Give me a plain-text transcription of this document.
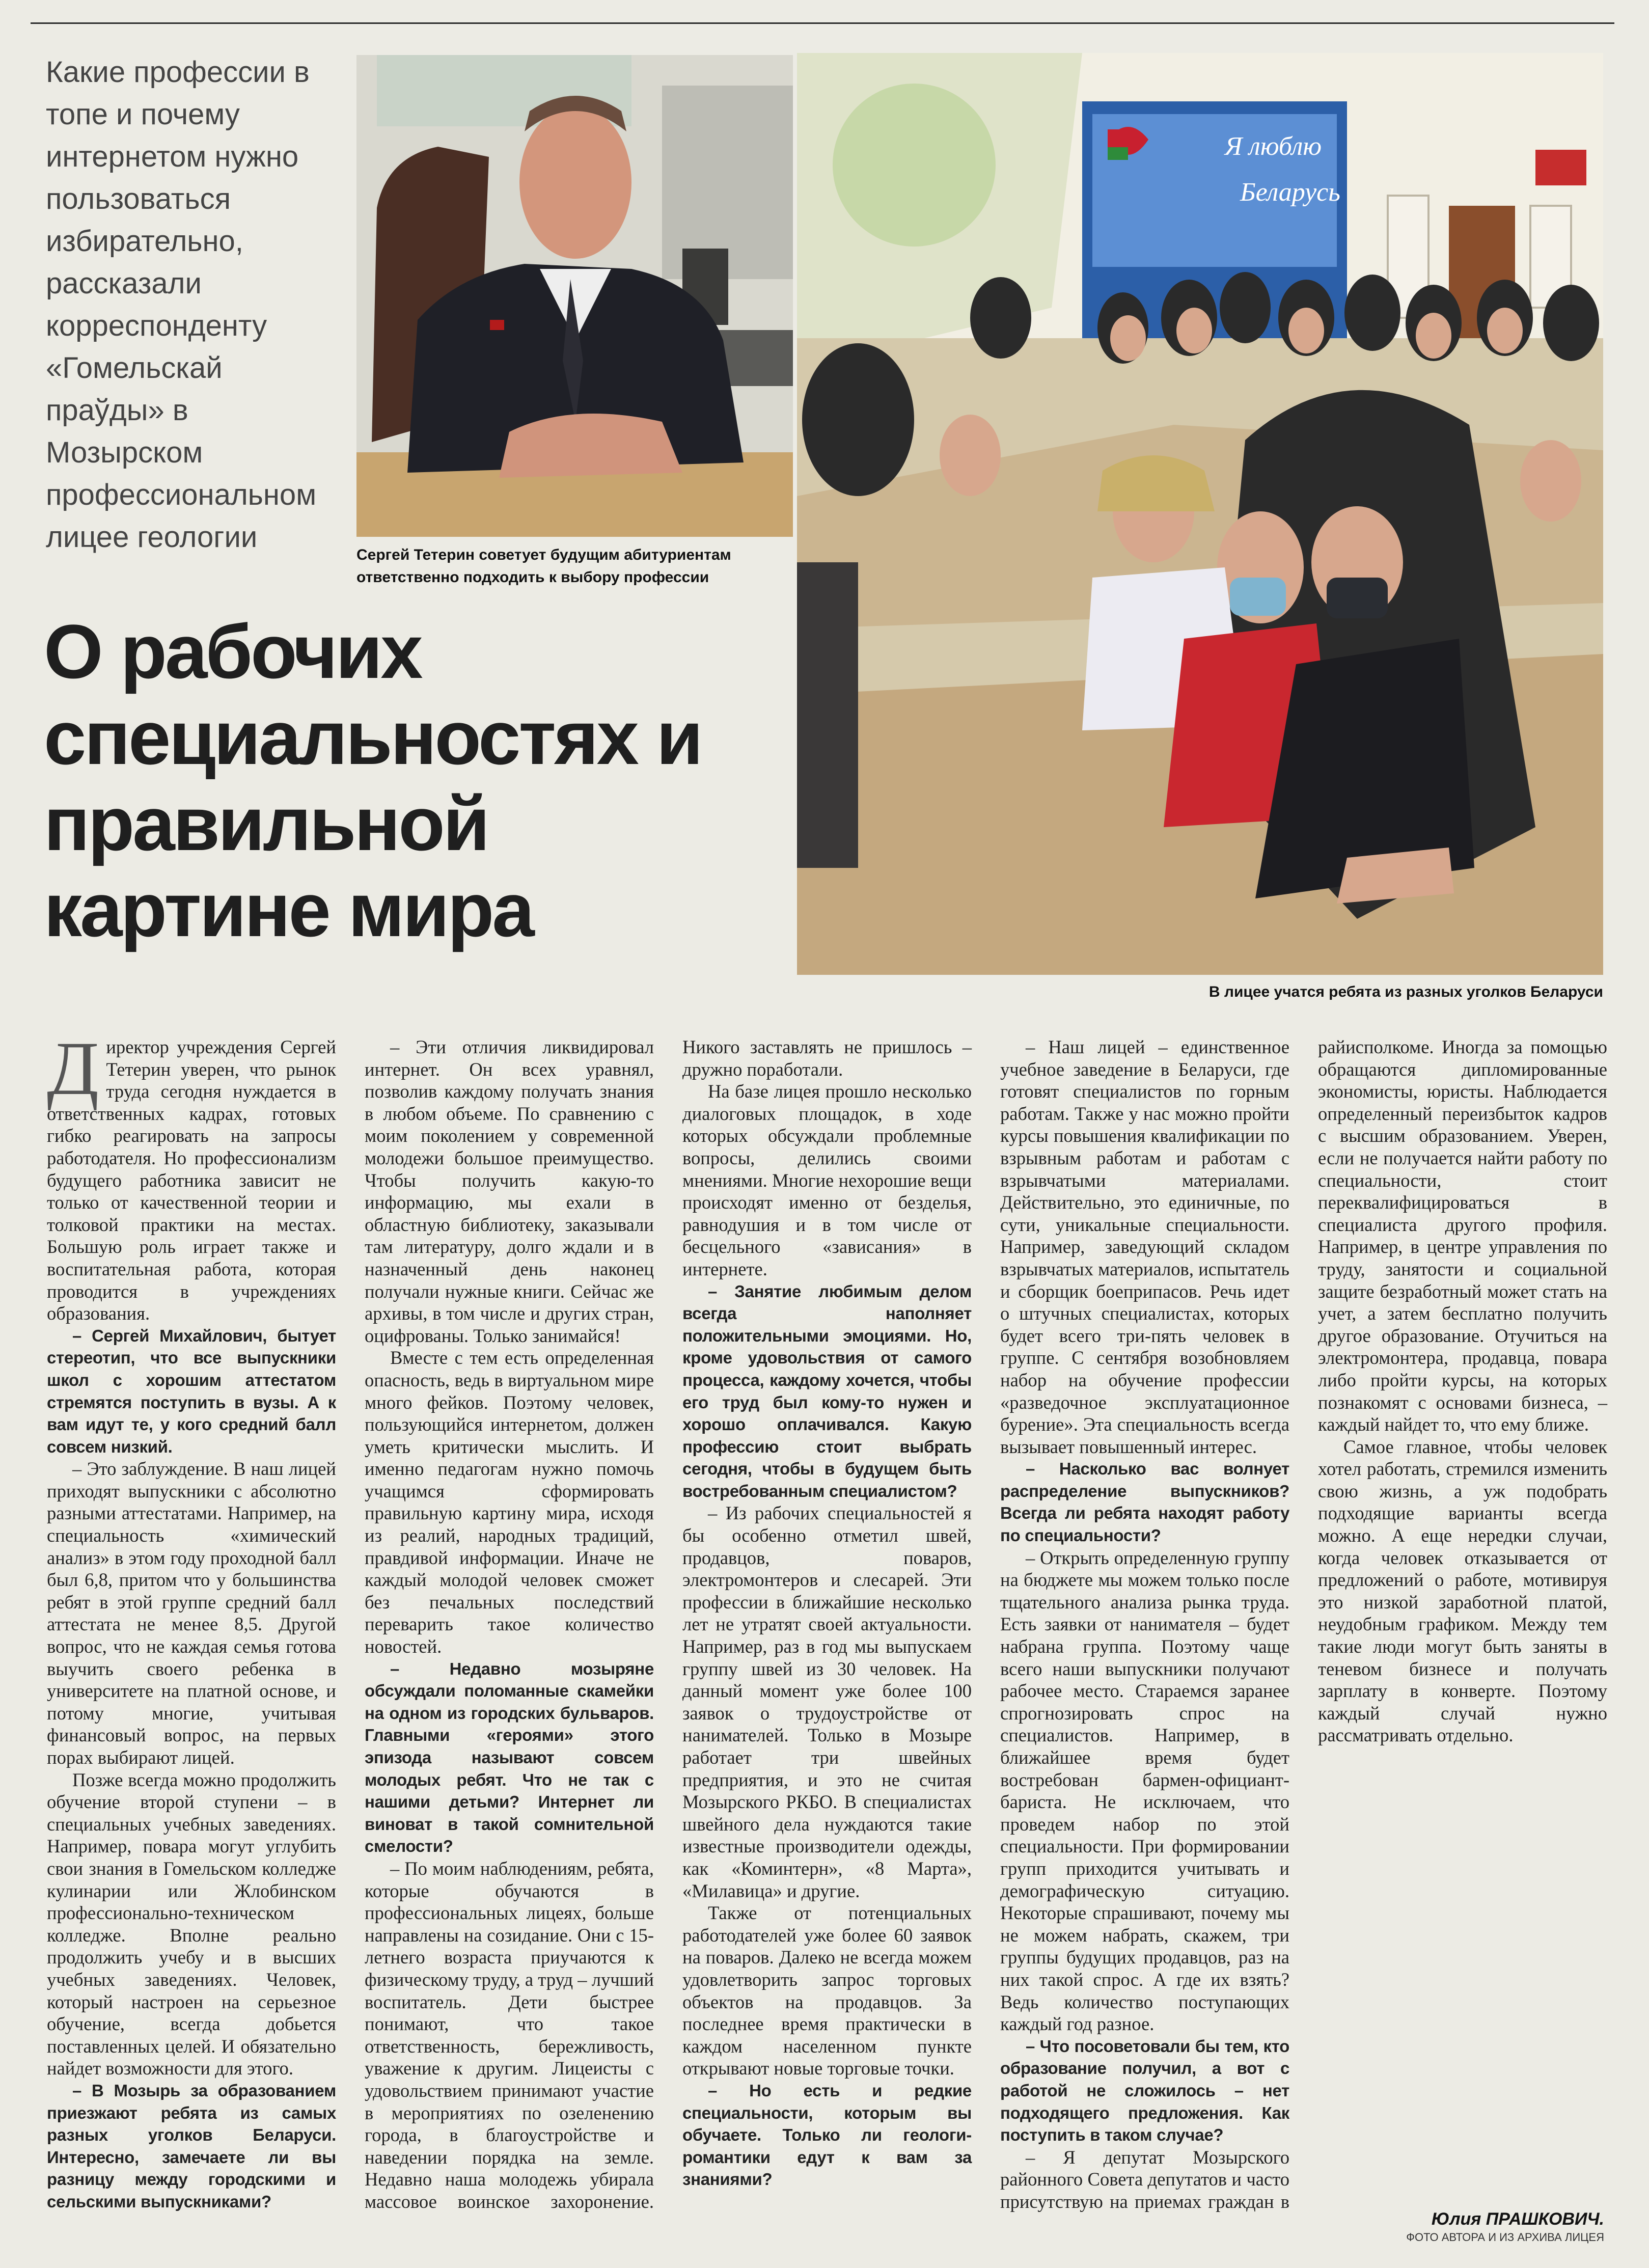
Какие профессии в топе и почему интернетом нужно пользоваться избирательно, рассказали корреспонденту «Гомельскай праўды» в Мозырском профессиональном лицее геологии
Сергей Тетерин советует будущим абитуриентам ответственно подходить к выбору профессии
Я люблю
Беларусь
В лицее учатся ребята из разных уголков Беларуси
О рабочих специальностях и правильной картине мира

Директор учреждения Сергей Тетерин уверен, что рынок труда сегодня нуждается в ответственных кадрах, готовых гибко реагировать на запросы работодателя. Но профессионализм будущего работника зависит не только от качественной теории и толковой практики на местах. Большую роль играет также и воспитательная работа, которая проводится в учреждениях образования.

– Сергей Михайлович, бытует стереотип, что все выпускники школ с хорошим аттестатом стремятся поступить в вузы. А к вам идут те, у кого средний балл совсем низкий.

– Это заблуждение. В наш лицей приходят выпускники с абсолютно разными аттестатами. Например, на специальность «химический анализ» в этом году проходной балл был 6,8, притом что у большинства ребят в этой группе средний балл аттестата не менее 8,5. Другой вопрос, что не каждая семья готова выучить своего ребенка в университете на платной основе, и потому многие, учитывая финансовый вопрос, на первых порах выбирают лицей.

Позже всегда можно продолжить обучение второй ступени – в специальных учебных заведениях. Например, повара могут углубить свои знания в Гомельском колледже кулинарии или Жлобинском профессионально-техническом колледже. Вполне реально продолжить учебу и в высших учебных заведениях. Человек, который настроен на серьезное обучение, всегда добьется поставленных целей. И обязательно найдет возможности для этого.

– В Мозырь за образованием приезжают ребята из самых разных уголков Беларуси. Интересно, замечаете ли вы разницу между городскими и сельскими выпускниками?

– Эти отличия ликвидировал интернет. Он всех уравнял, позволив каждому получать знания в любом объеме. По сравнению с моим поколением у современной молодежи большое преимущество. Чтобы получить какую-то информацию, мы ехали в областную библиотеку, заказывали там литературу, долго ждали и в назначенный день наконец получали нужные книги. Сейчас же архивы, в том числе и других стран, оцифрованы. Только занимайся!

Вместе с тем есть определенная опасность, ведь в виртуальном мире много фейков. Поэтому человек, пользующийся интернетом, должен уметь критически мыслить. И именно педагогам нужно помочь учащимся сформировать правильную картину мира, исходя из реалий, народных традиций, правдивой информации. Иначе не каждый молодой человек сможет без печальных последствий переварить такое количество новостей.

– Недавно мозыряне обсуждали поломанные скамейки на одном из городских бульваров. Главными «героями» этого эпизода называют совсем молодых ребят. Что не так с нашими детьми? Интернет ли виноват в такой сомнительной смелости?

– По моим наблюдениям, ребята, которые обучаются в профессиональных лицеях, больше направлены на созидание. Они с 15-летнего возраста приучаются к физическому труду, а труд – лучший воспитатель. Дети быстрее понимают, что такое ответственность, бережливость, уважение к другим. Лицеисты с удовольствием принимают участие в мероприятиях по озеленению города, в благоустройстве и наведении порядка на земле. Недавно наша молодежь убирала массовое воинское захоронение. Никого заставлять не пришлось – дружно поработали.

На базе лицея прошло несколько диалоговых площадок, в ходе которых обсуждали проблемные вопросы, делились своими мнениями. Многие нехорошие вещи происходят именно от безделья, равнодушия и в том числе от бесцельного «зависания» в интернете.

– Занятие любимым делом всегда наполняет положительными эмоциями. Но, кроме удовольствия от самого процесса, каждому хочется, чтобы его труд был кому-то нужен и хорошо оплачивался. Какую профессию стоит выбрать сегодня, чтобы в будущем быть востребованным специалистом?

– Из рабочих специальностей я бы особенно отметил швей, продавцов, поваров, электромонтеров и слесарей. Эти профессии в ближайшие несколько лет не утратят своей актуальности. Например, раз в год мы выпускаем группу швей из 30 человек. На данный момент уже более 100 заявок о трудоустройстве от нанимателей. Только в Мозыре работает три швейных предприятия, и это не считая Мозырского РКБО. В специалистах швейного дела нуждаются такие известные производители одежды, как «Коминтерн», «8 Марта», «Милавица» и другие.

Также от потенциальных работодателей уже более 60 заявок на поваров. Далеко не всегда можем удовлетворить запрос торговых объектов на продавцов. За последнее время практически в каждом населенном пункте открывают новые торговые точки.

– Но есть и редкие специальности, которым вы обучаете. Только ли геологи-романтики едут к вам за знаниями?

– Наш лицей – единственное учебное заведение в Беларуси, где готовят специалистов по горным работам. Также у нас можно пройти курсы повышения квалификации по взрывным работам и работам с взрывчатыми материалами. Действительно, это единичные, по сути, уникальные специальности. Например, заведующий складом взрывчатых материалов, испытатель и сборщик боеприпасов. Речь идет о штучных специалистах, которых будет всего три-пять человек в группе. С сентября возобновляем набор на обучение профессии «разведочное эксплуатационное бурение». Эта специальность всегда вызывает повышенный интерес.

– Насколько вас волнует распределение выпускников? Всегда ли ребята находят работу по специальности?

– Открыть определенную группу на бюджете мы можем только после тщательного анализа рынка труда. Есть заявки от нанимателя – будет набрана группа. Поэтому чаще всего наши выпускники получают рабочее место. Стараемся заранее спрогнозировать спрос на специалистов. Например, в ближайшее время будет востребован бармен-официант-бариста. Не исключаем, что проведем набор по этой специальности. При формировании групп приходится учитывать и демографическую ситуацию. Некоторые спрашивают, почему мы не можем набрать, скажем, три группы будущих продавцов, раз на них такой спрос. А где их взять? Ведь количество поступающих каждый год разное.

– Что посоветовали бы тем, кто образование получил, а вот с работой не сложилось – нет подходящего предложения. Как поступить в таком случае?

– Я депутат Мозырского районного Совета депутатов и часто присутствую на приемах граждан в райисполкоме. Иногда за помощью обращаются дипломированные экономисты, юристы. Наблюдается определенный переизбыток кадров с высшим образованием. Уверен, если не получается найти работу по специальности, стоит переквалифицироваться в специалиста другого профиля. Например, в центре управления по труду, занятости и социальной защите безработный может стать на учет, а затем бесплатно получить другое образование. Отучиться на электромонтера, продавца, повара либо пройти курсы, на которых познакомят с основами бизнеса, – каждый найдет то, что ему ближе.

Самое главное, чтобы человек хотел работать, стремился изменить свою жизнь, а уж подобрать подходящие варианты всегда можно. А еще нередки случаи, когда человек отказывается от предложений о работе, мотивируя это низкой заработной платой, неудобным графиком. Между тем такие люди могут быть заняты в теневом бизнесе и получать зарплату в конверте. Поэтому каждый случай нужно рассматривать отдельно.

Юлия ПРАШКОВИЧ.
ФОТО АВТОРА И ИЗ АРХИВА ЛИЦЕЯ
